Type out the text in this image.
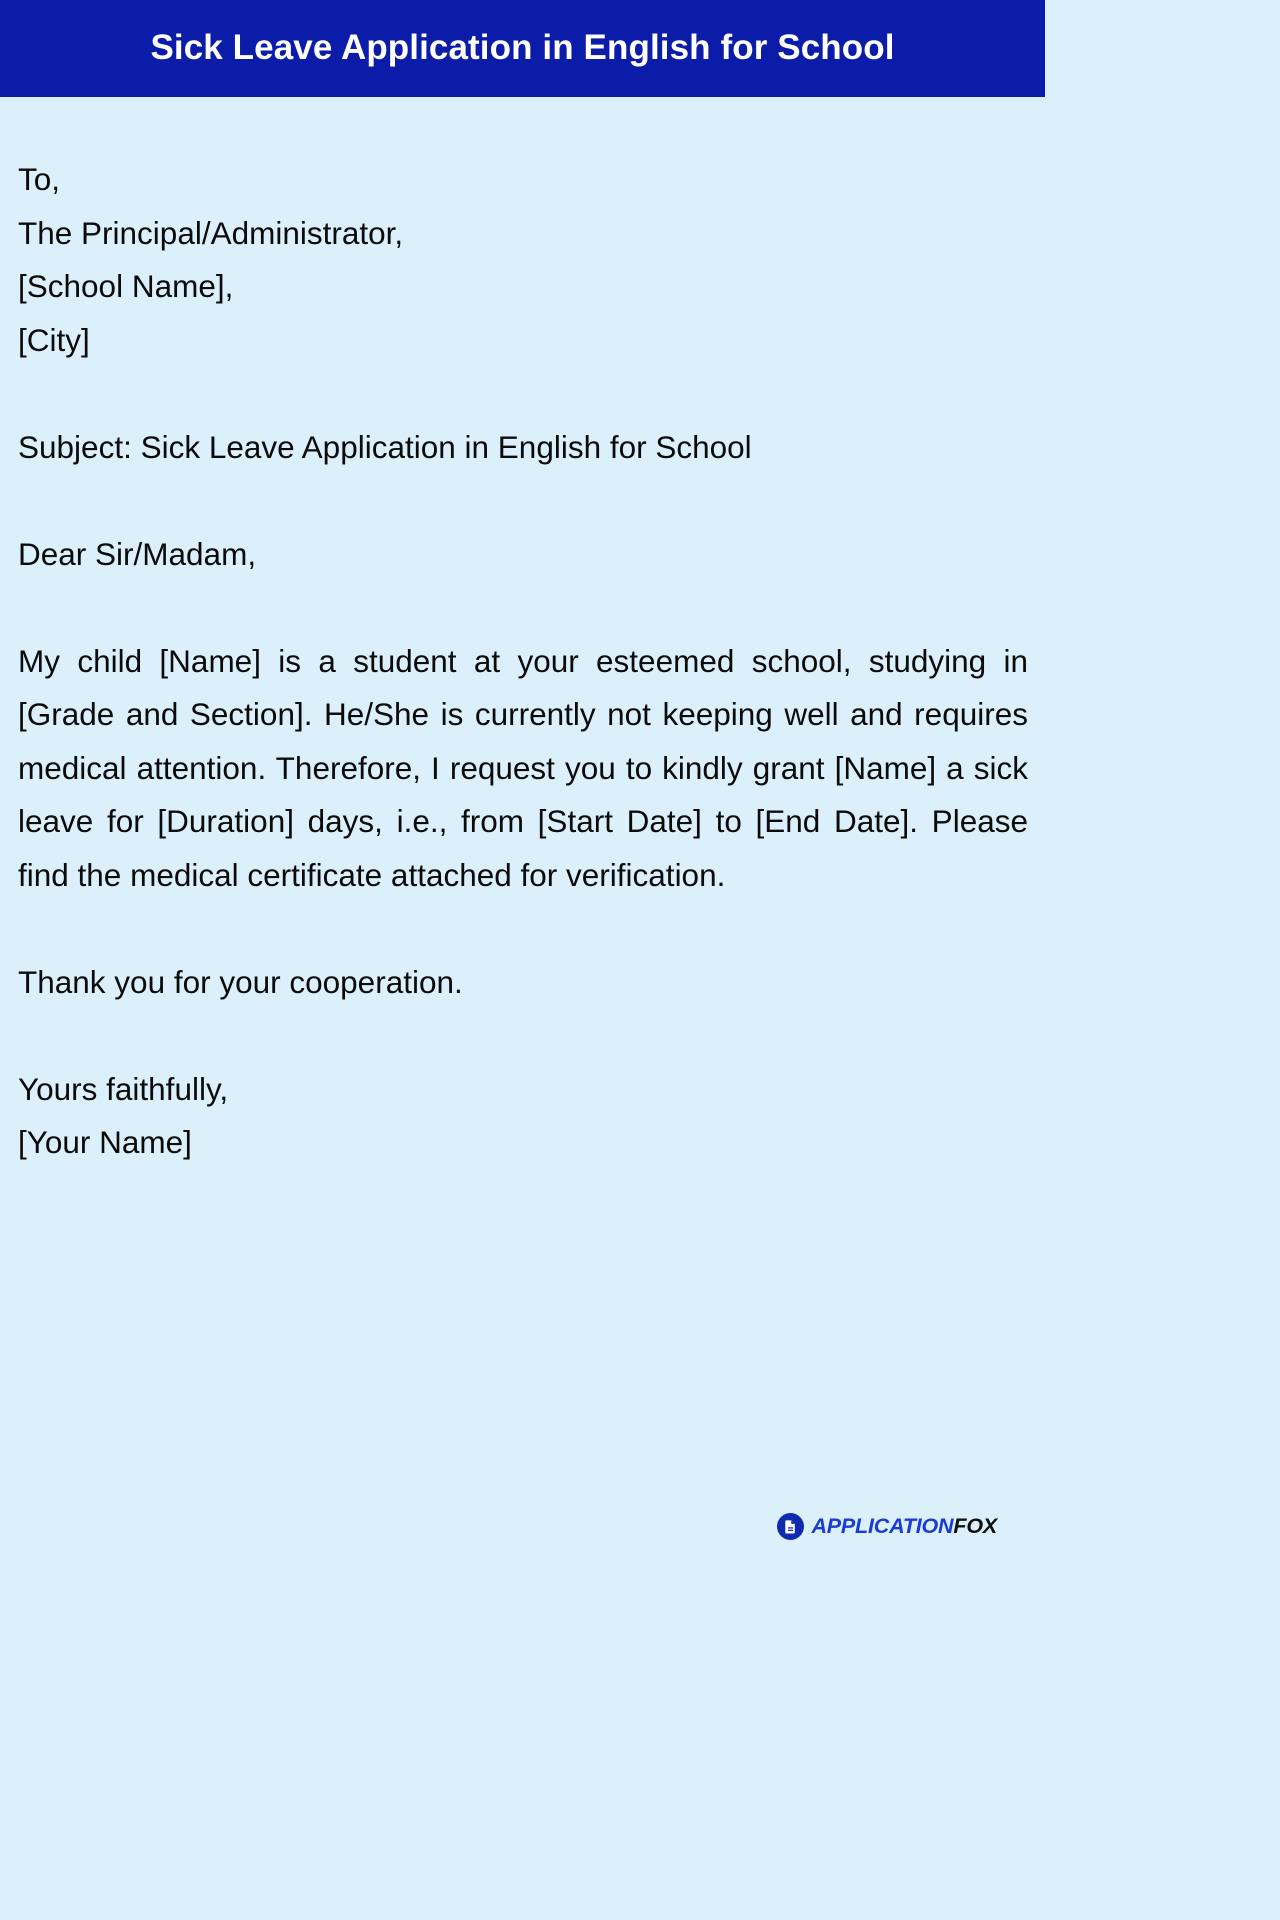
Sick Leave Application in English for School
To,
The Principal/Administrator,
[School Name],
[City]
Subject: Sick Leave Application in English for School
Dear Sir/Madam,

My child [Name] is a student at your esteemed school, studying in [Grade and Section]. He/She is currently not keeping well and requires medical attention. Therefore, I request you to kindly grant [Name] a sick leave for [Duration] days, i.e., from [Start Date] to [End Date]. Please find the medical certificate attached for verification.

Thank you for your cooperation.
Yours faithfully,
[Your Name]
APPLICATIONFOX
